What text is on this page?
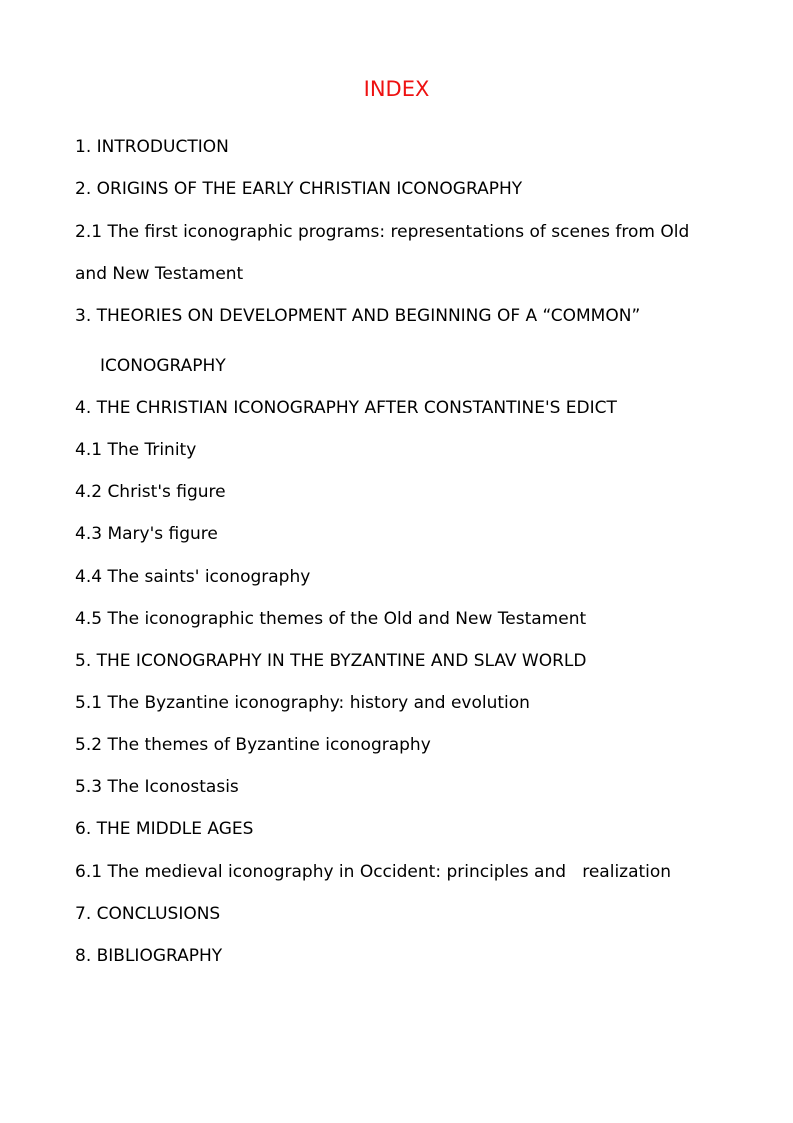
INDEX
1. INTRODUCTION
2. ORIGINS OF THE EARLY CHRISTIAN ICONOGRAPHY
2.1 The first iconographic programs: representations of scenes from Old
and New Testament
3. THEORIES ON DEVELOPMENT AND BEGINNING OF A “COMMON”
ICONOGRAPHY
4. THE CHRISTIAN ICONOGRAPHY AFTER CONSTANTINE'S EDICT
4.1 The Trinity
4.2 Christ's figure
4.3 Mary's figure
4.4 The saints' iconography
4.5 The iconographic themes of the Old and New Testament
5. THE ICONOGRAPHY IN THE BYZANTINE AND SLAV WORLD
5.1 The Byzantine iconography: history and evolution
5.2 The themes of Byzantine iconography
5.3 The Iconostasis
6. THE MIDDLE AGES
6.1 The medieval iconography in Occident: principles and   realization
7. CONCLUSIONS
8. BIBLIOGRAPHY
